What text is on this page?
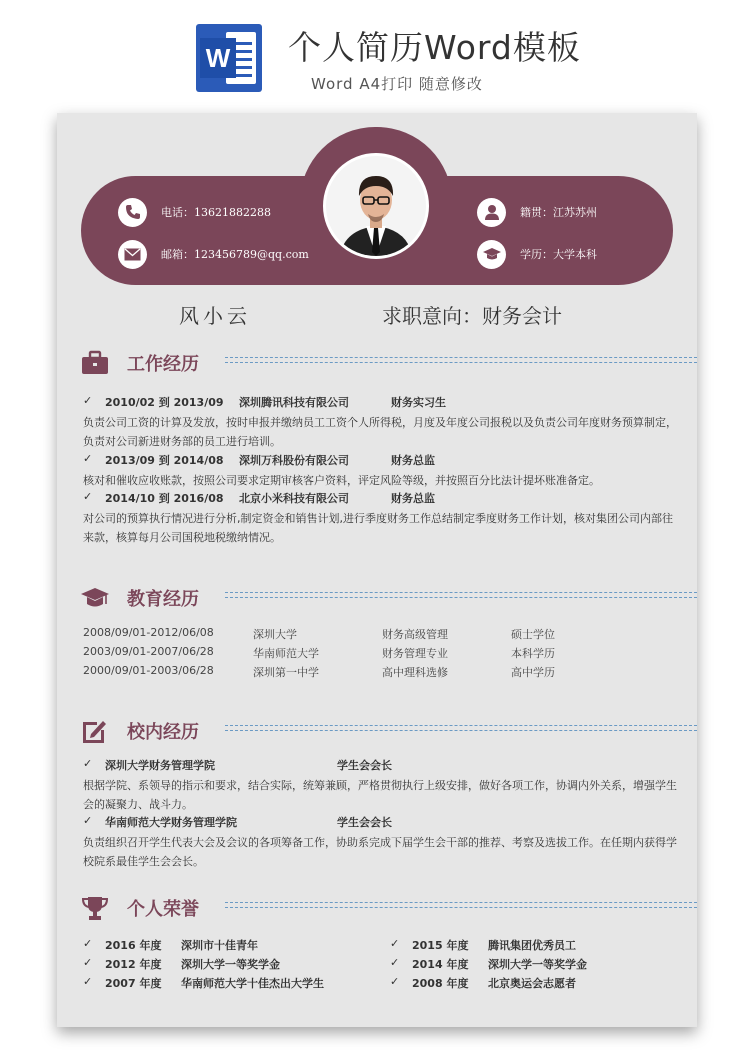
W 个人简历Word模板
Word A4打印 随意修改
电话： 13621882288
邮箱： 123456789@qq.com
籍贯： 江苏苏州
学历： 大学本科
风小云	求职意向：财务会计
工作经历
✓ 2010/02 到 2013/09 深圳腾讯科技有限公司	财务实习生
负责公司工资的计算及发放，按时申报并缴纳员工工资个人所得税，月度及年度公司报税以及负责公司年度财务预算制定，负责对公司新进财务部的员工进行培训。
✓ 2013/09 到 2014/08 深圳万科股份有限公司	财务总监
核对和催收应收账款，按照公司要求定期审核客户资料，评定风险等级，并按照百分比法计提坏账准备定。
✓ 2014/10 到 2016/08 北京小米科技有限公司	财务总监
对公司的预算执行情况进行分析,制定资金和销售计划,进行季度财务工作总结制定季度财务工作计划，核对集团公司内部往来款，核算每月公司国税地税缴纳情况。
教育经历
2008/09/01-2012/06/08	深圳大学	财务高级管理	硕士学位
2003/09/01-2007/06/28	华南师范大学	财务管理专业	本科学历
2000/09/01-2003/06/28	深圳第一中学	高中理科选修	高中学历
校内经历
✓ 深圳大学财务管理学院	学生会会长
根据学院、系领导的指示和要求，结合实际，统筹兼顾，严格贯彻执行上级安排，做好各项工作，协调内外关系，增强学生会的凝聚力、战斗力。
✓ 华南师范大学财务管理学院	学生会会长
负责组织召开学生代表大会及会议的各项筹备工作，协助系完成下届学生会干部的推荐、考察及选拔工作。在任期内获得学校院系最佳学生会会长。
个人荣誉
✓ 2016 年度 深圳市十佳青年
✓ 2012 年度 深圳大学一等奖学金
✓ 2007 年度 华南师范大学十佳杰出大学生
✓ 2015 年度 腾讯集团优秀员工
✓ 2014 年度 深圳大学一等奖学金
✓ 2008 年度 北京奥运会志愿者
